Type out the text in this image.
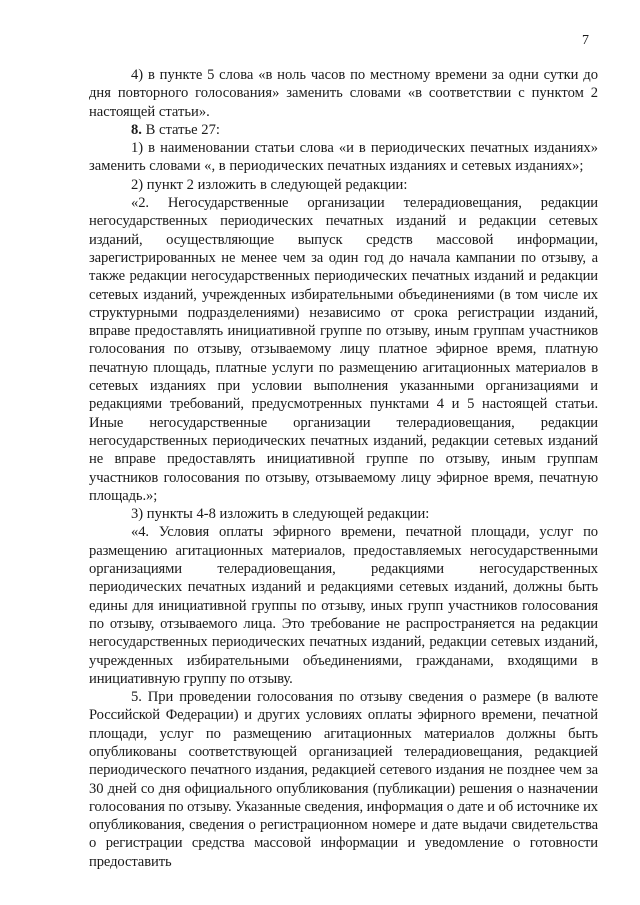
7

4) в пункте 5 слова «в ноль часов по местному времени за одни сутки до дня повторного голосования» заменить словами «в соответствии с пунктом 2 настоящей статьи».

8. В статье 27:

1) в наименовании статьи слова «и в периодических печатных изданиях» заменить словами «, в периодических печатных изданиях и сетевых изданиях»;

2) пункт 2 изложить в следующей редакции:

«2. Негосударственные организации телерадиовещания, редакции негосударственных периодических печатных изданий и редакции сетевых изданий, осуществляющие выпуск средств массовой информации, зарегистрированных не менее чем за один год до начала кампании по отзыву, а также редакции негосударственных периодических печатных изданий и редакции сетевых изданий, учрежденных избирательными объединениями (в том числе их структурными подразделениями) независимо от срока регистрации изданий, вправе предоставлять инициативной группе по отзыву, иным группам участников голосования по отзыву, отзываемому лицу платное эфирное время, платную печатную площадь, платные услуги по размещению агитационных материалов в сетевых изданиях при условии выполнения указанными организациями и редакциями требований, предусмотренных пунктами 4 и 5 настоящей статьи. Иные негосударственные организации телерадиовещания, редакции негосударственных периодических печатных изданий, редакции сетевых изданий не вправе предоставлять инициативной группе по отзыву, иным группам участников голосования по отзыву, отзываемому лицу эфирное время, печатную площадь.»;

3) пункты 4-8 изложить в следующей редакции:

«4. Условия оплаты эфирного времени, печатной площади, услуг по размещению агитационных материалов, предоставляемых негосударственными организациями телерадиовещания, редакциями негосударственных периодических печатных изданий и редакциями сетевых изданий, должны быть едины для инициативной группы по отзыву, иных групп участников голосования по отзыву, отзываемого лица. Это требование не распространяется на редакции негосударственных периодических печатных изданий, редакции сетевых изданий, учрежденных избирательными объединениями, гражданами, входящими в инициативную группу по отзыву.

5. При проведении голосования по отзыву сведения о размере (в валюте Российской Федерации) и других условиях оплаты эфирного времени, печатной площади, услуг по размещению агитационных материалов должны быть опубликованы соответствующей организацией телерадиовещания, редакцией периодического печатного издания, редакцией сетевого издания не позднее чем за 30 дней со дня официального опубликования (публикации) решения о назначении голосования по отзыву. Указанные сведения, информация о дате и об источнике их опубликования, сведения о регистрационном номере и дате выдачи свидетельства о регистрации средства массовой информации и уведомление о готовности предоставить
